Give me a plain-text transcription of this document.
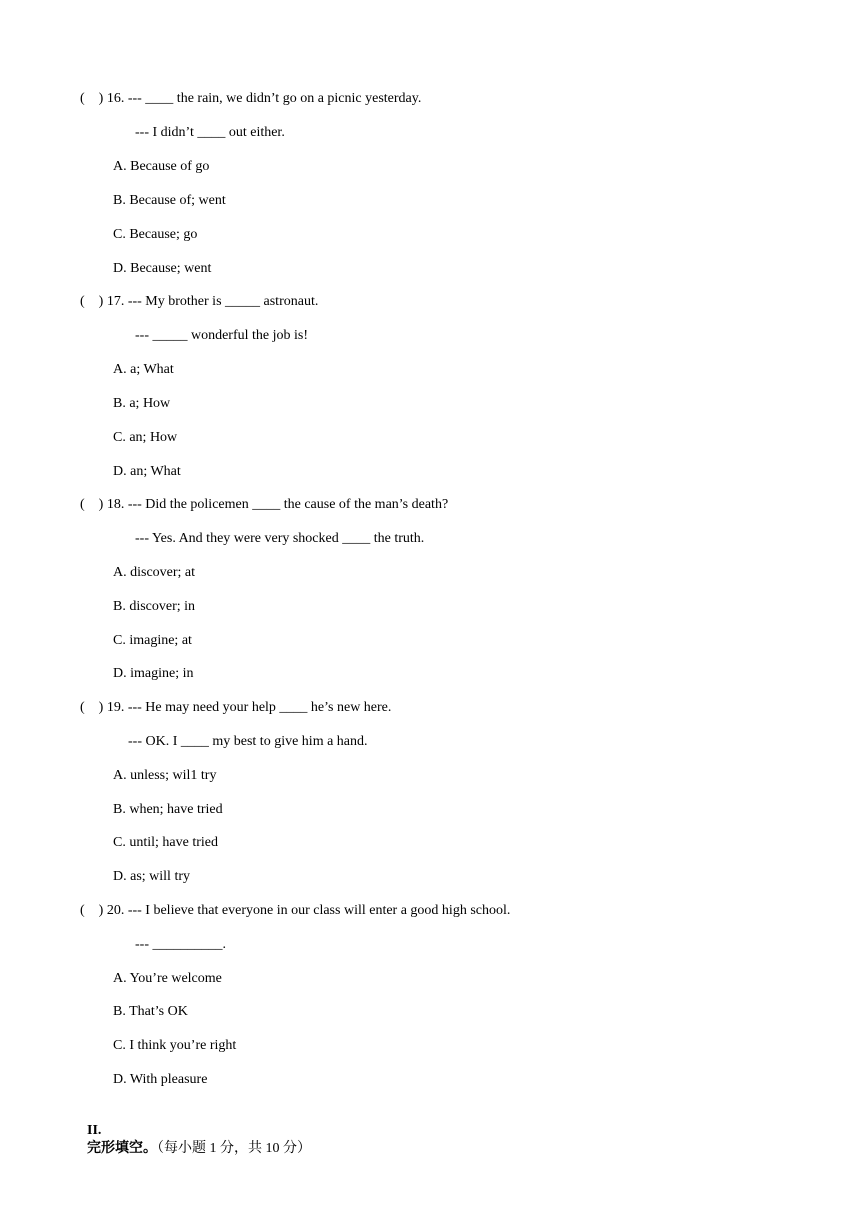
(    ) 16. --- ____ the rain, we didn’t go on a picnic yesterday.
--- I didn’t ____ out either.
A. Because of go
B. Because of; went
C. Because; go
D. Because; went
(    ) 17. --- My brother is _____ astronaut.
--- _____ wonderful the job is!
A. a; What
B. a; How
C. an; How
D. an; What
(    ) 18. --- Did the policemen ____ the cause of the man’s death?
--- Yes. And they were very shocked ____ the truth.
A. discover; at
B. discover; in
C. imagine; at
D. imagine; in
(    ) 19. --- He may need your help ____ he’s new here.
--- OK. I ____ my best to give him a hand.
A. unless; wil1 try
B. when; have tried
C. until; have tried
D. as; will try
(    ) 20. --- I believe that everyone in our class will enter a good high school.
--- __________.
A. You’re welcome
B. That’s OK
C. I think you’re right
D. With pleasure

II.
完形填空。（每小题 1 分，共 10 分）
